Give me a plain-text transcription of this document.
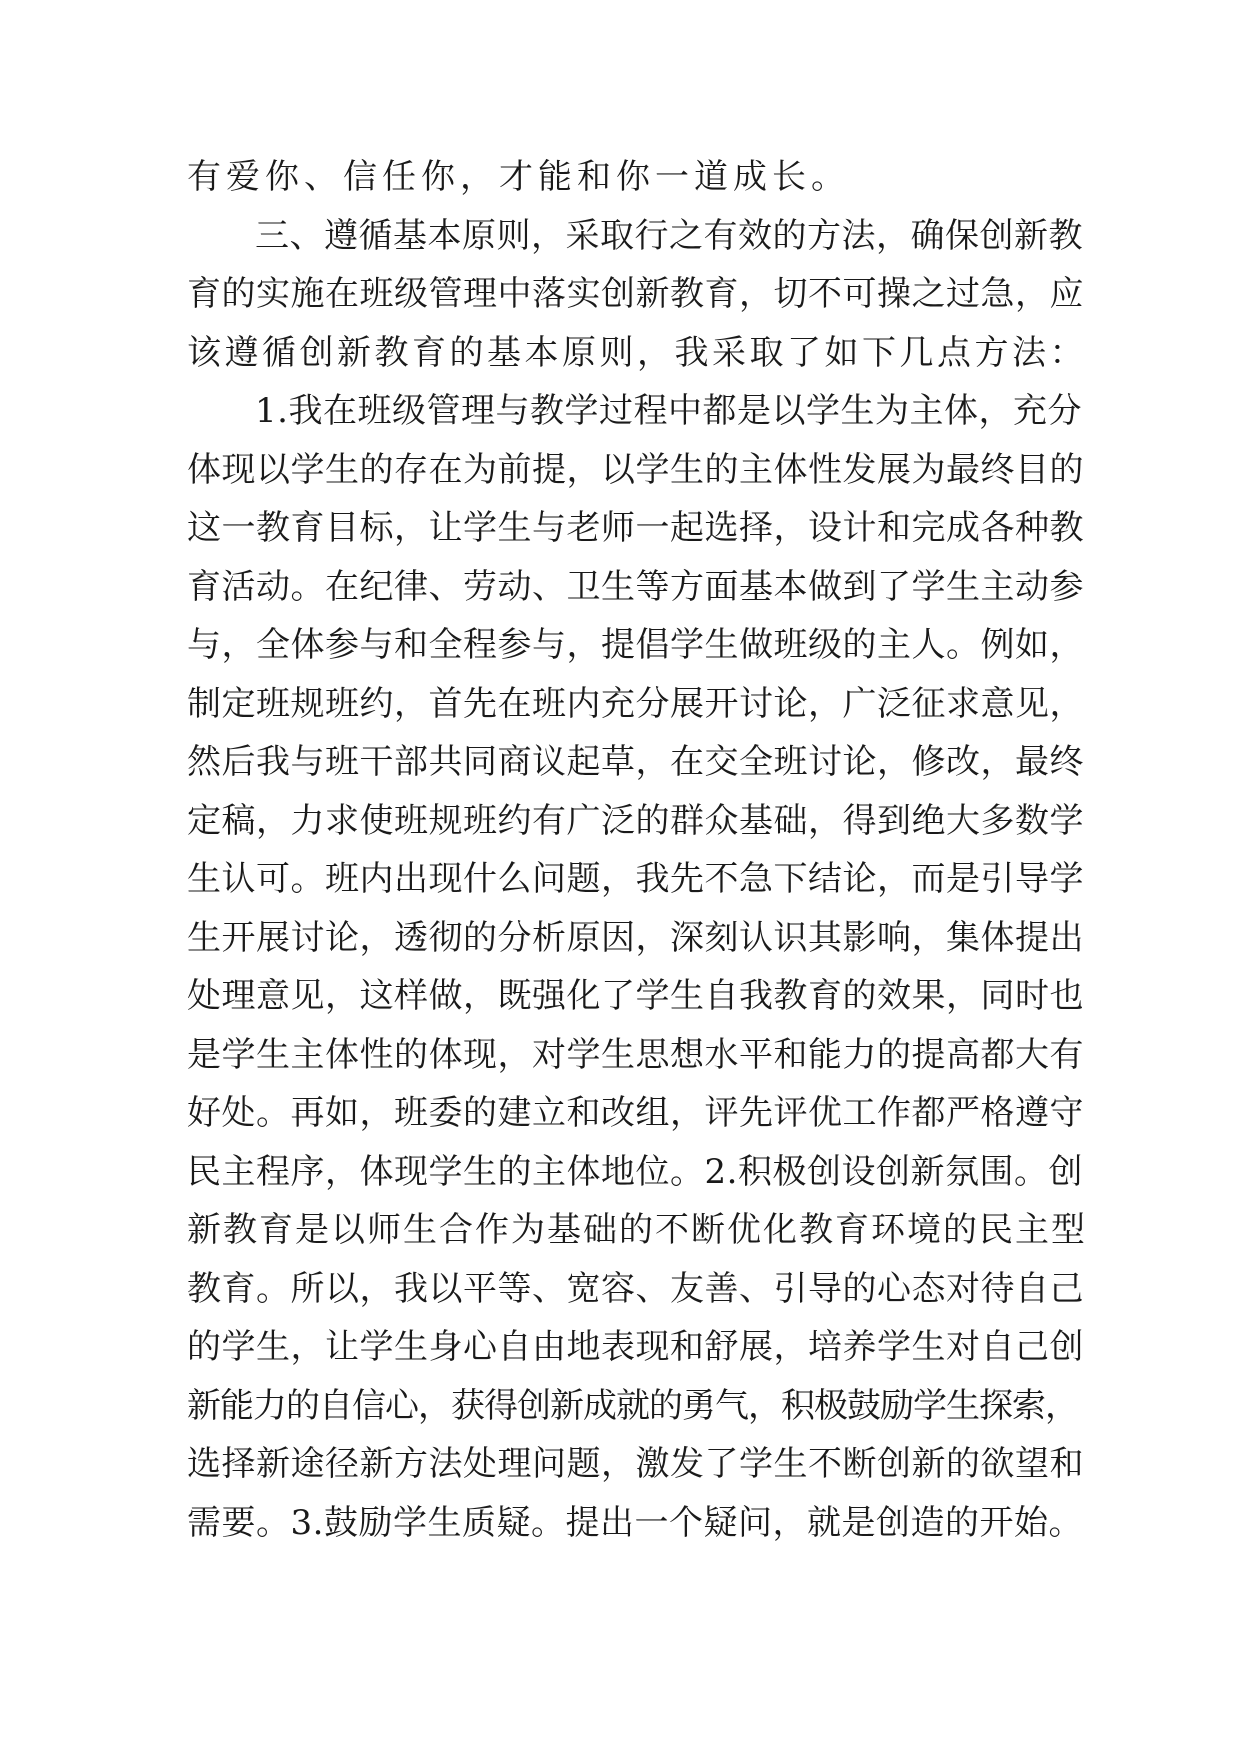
有爱你、信任你，才能和你一道成长。
三、遵循基本原则，采取行之有效的方法，确保创新教
育的实施在班级管理中落实创新教育，切不可操之过急，应
该遵循创新教育的基本原则，我采取了如下几点方法：
1.我在班级管理与教学过程中都是以学生为主体，充分
体现以学生的存在为前提，以学生的主体性发展为最终目的
这一教育目标，让学生与老师一起选择，设计和完成各种教
育活动。在纪律、劳动、卫生等方面基本做到了学生主动参
与，全体参与和全程参与，提倡学生做班级的主人。例如，
制定班规班约，首先在班内充分展开讨论，广泛征求意见，
然后我与班干部共同商议起草，在交全班讨论，修改，最终
定稿，力求使班规班约有广泛的群众基础，得到绝大多数学
生认可。班内出现什么问题，我先不急下结论，而是引导学
生开展讨论，透彻的分析原因，深刻认识其影响，集体提出
处理意见，这样做，既强化了学生自我教育的效果，同时也
是学生主体性的体现，对学生思想水平和能力的提高都大有
好处。再如，班委的建立和改组，评先评优工作都严格遵守
民主程序，体现学生的主体地位。2.积极创设创新氛围。创
新教育是以师生合作为基础的不断优化教育环境的民主型
教育。所以，我以平等、宽容、友善、引导的心态对待自己
的学生，让学生身心自由地表现和舒展，培养学生对自己创
新能力的自信心，获得创新成就的勇气，积极鼓励学生探索，
选择新途径新方法处理问题，激发了学生不断创新的欲望和
需要。3.鼓励学生质疑。提出一个疑问，就是创造的开始。
